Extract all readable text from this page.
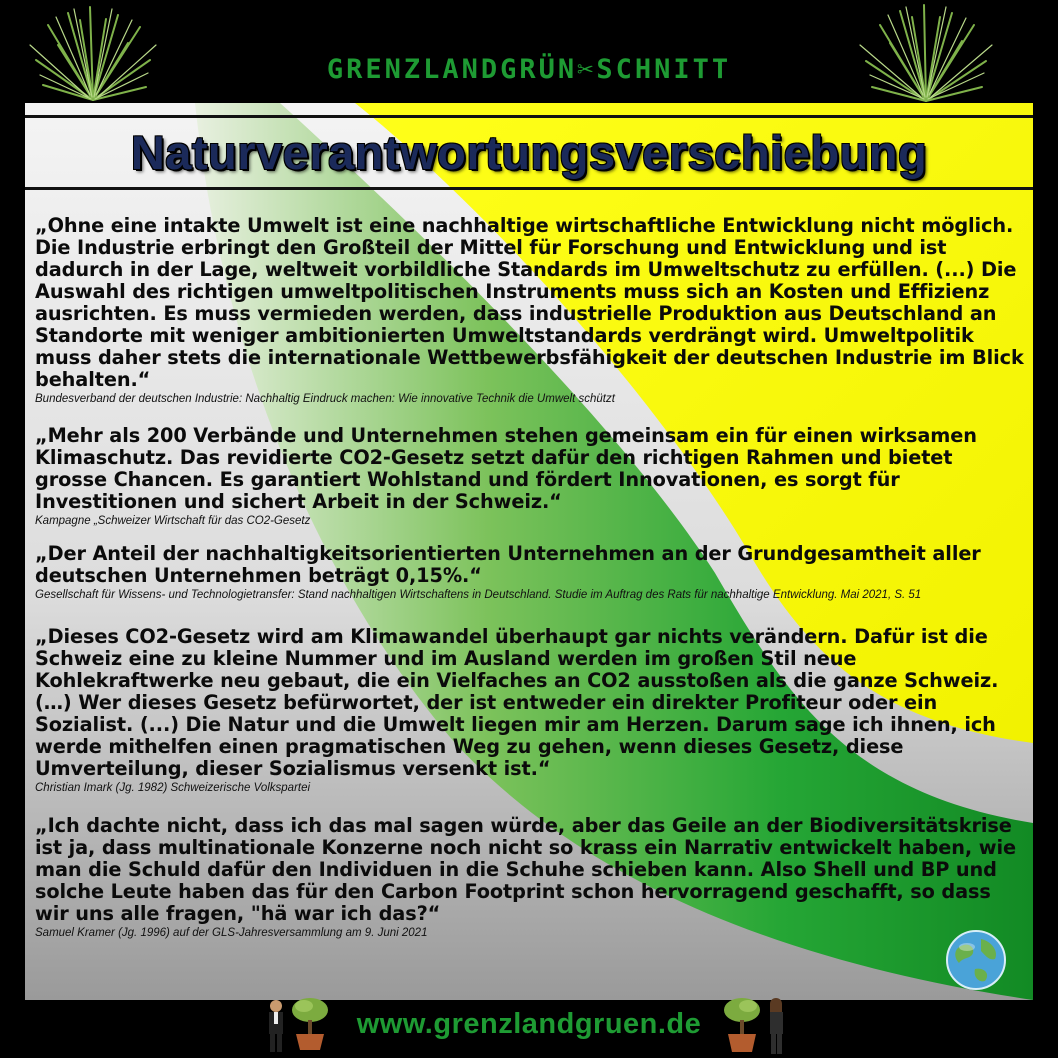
GRENZLANDGRÜN✂SCHNITT
Naturverantwortungsverschiebung

„Ohne eine intakte Umwelt ist eine nachhaltige wirtschaftliche Entwicklung nicht möglich. Die Industrie erbringt den Großteil der Mittel für Forschung und Entwicklung und ist dadurch in der Lage, weltweit vorbildliche Standards im Umweltschutz zu erfüllen. (...) Die Auswahl des richtigen umweltpolitischen Instruments muss sich an Kosten und Effizienz ausrichten. Es muss vermieden werden, dass industrielle Produktion aus Deutschland an Standorte mit weniger ambitionierten Umweltstandards verdrängt wird. Umweltpolitik muss daher stets die internationale Wettbewerbsfähigkeit der deutschen Industrie im Blick behalten.“

Bundesverband der deutschen Industrie: Nachhaltig Eindruck machen: Wie innovative Technik die Umwelt schützt

„Mehr als 200 Verbände und Unternehmen stehen gemeinsam ein für einen wirksamen Klimaschutz. Das revidierte CO2-Gesetz setzt dafür den richtigen Rahmen und bietet grosse Chancen. Es garantiert Wohlstand und fördert Innovationen, es sorgt für Investitionen und sichert Arbeit in der Schweiz.“

Kampagne „Schweizer Wirtschaft für das CO2-Gesetz

„Der Anteil der nachhaltigkeitsorientierten Unternehmen an der Grundgesamtheit aller deutschen Unternehmen beträgt 0,15%.“

Gesellschaft für Wissens- und Technologietransfer: Stand nachhaltigen Wirtschaftens in Deutschland. Studie im Auftrag des Rats für nachhaltige Entwicklung. Mai 2021, S. 51

„Dieses CO2-Gesetz wird am Klimawandel überhaupt gar nichts verändern. Dafür ist die Schweiz eine zu kleine Nummer und im Ausland werden im großen Stil neue Kohlekraftwerke neu gebaut, die ein Vielfaches an CO2 ausstoßen als die ganze Schweiz. (…) Wer dieses Gesetz befürwortet, der ist entweder ein direkter Profiteur oder ein Sozialist. (...) Die Natur und die Umwelt liegen mir am Herzen. Darum sage ich ihnen, ich werde mithelfen einen pragmatischen Weg zu gehen, wenn dieses Gesetz, diese Umverteilung, dieser Sozialismus versenkt ist.“

Christian Imark (Jg. 1982) Schweizerische Volkspartei

„Ich dachte nicht, dass ich das mal sagen würde, aber das Geile an der Biodiversitätskrise ist ja, dass multinationale Konzerne noch nicht so krass ein Narrativ entwickelt haben, wie man die Schuld dafür den Individuen in die Schuhe schieben kann. Also Shell und BP und solche Leute haben das für den Carbon Footprint schon hervorragend geschafft, so dass wir uns alle fragen, "hä war ich das?“

Samuel Kramer (Jg. 1996) auf der GLS-Jahresversammlung am 9. Juni 2021

www.grenzlandgruen.de
